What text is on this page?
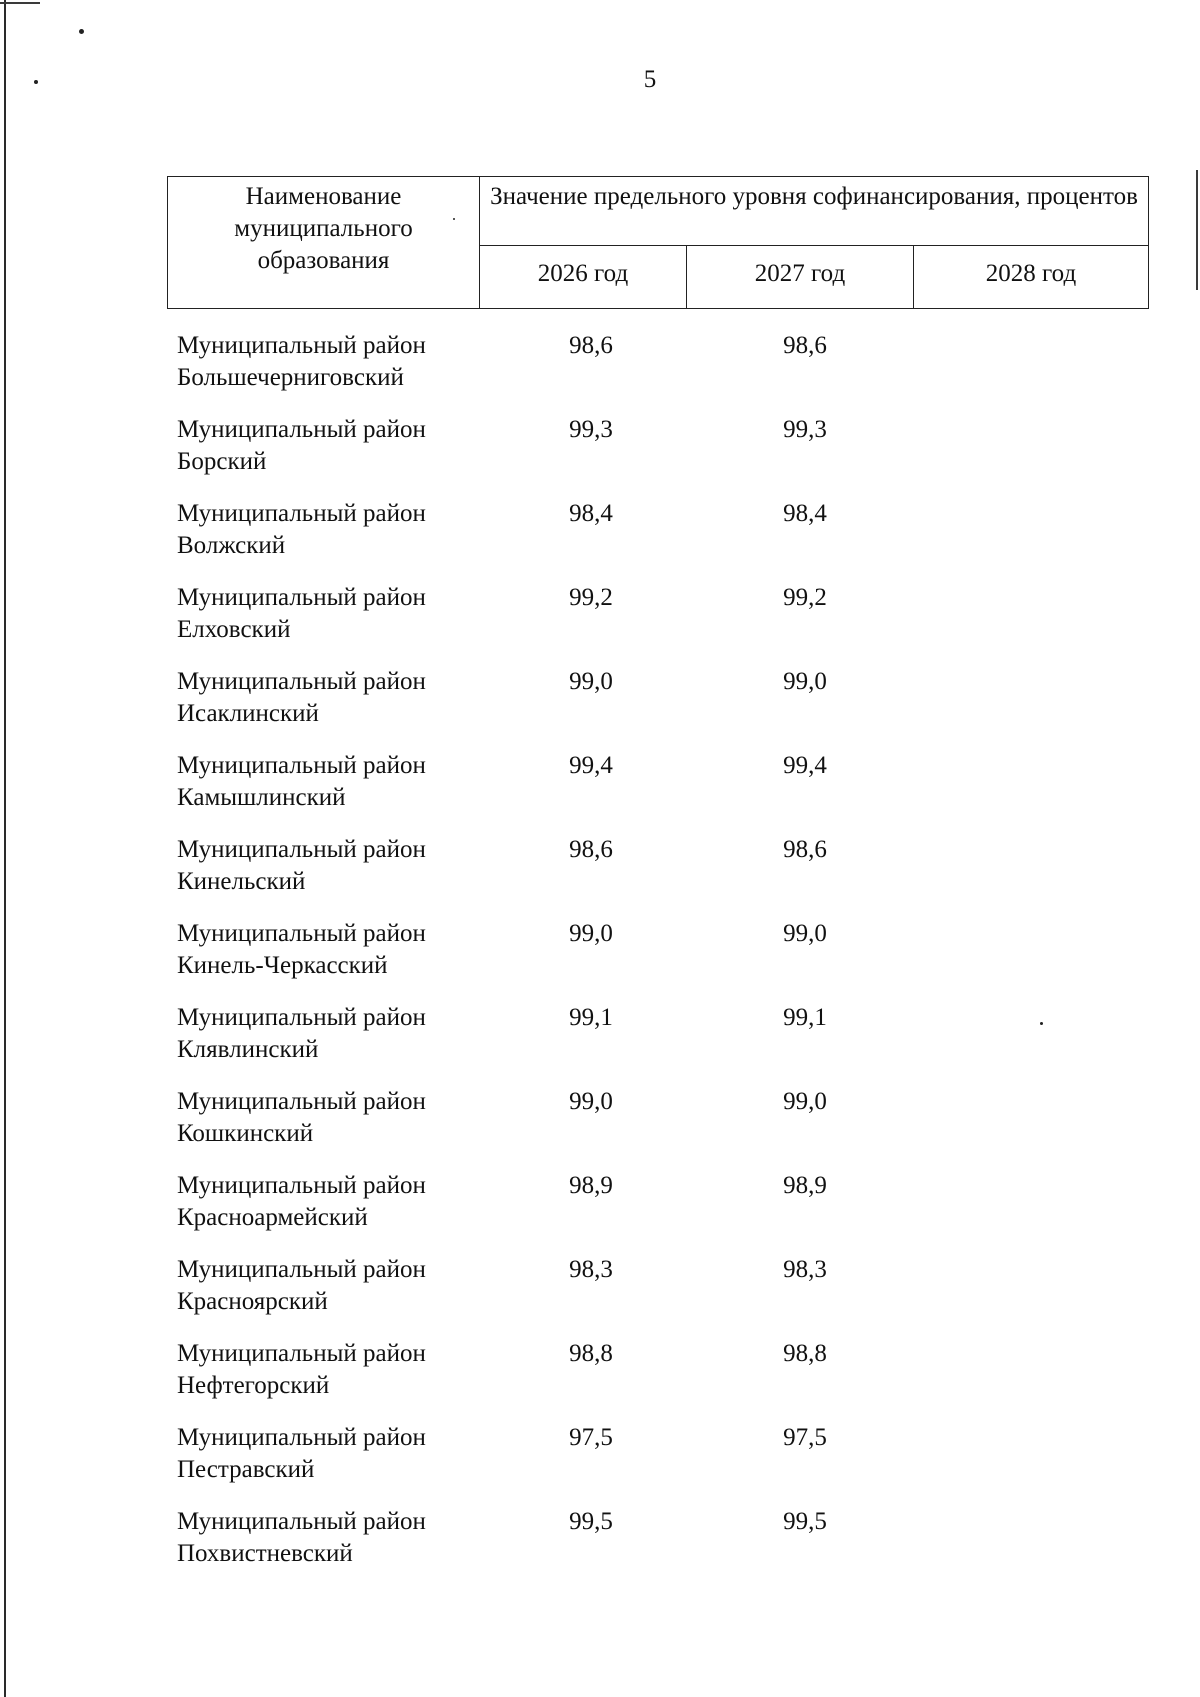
5
Наименование муниципального образования	Значение предельного уровня софинансирования, процентов		
	2026 год	2027 год	2028 год
Муниципальный район
Большечерниговский
98,6	98,6
Муниципальный район
Борский
99,3	99,3
Муниципальный район
Волжский
98,4	98,4
Муниципальный район
Елховский
99,2	99,2
Муниципальный район
Исаклинский
99,0	99,0
Муниципальный район
Камышлинский
99,4	99,4
Муниципальный район
Кинельский
98,6	98,6
Муниципальный район
Кинель-Черкасский
99,0	99,0
Муниципальный район
Клявлинский
99,1	99,1
Муниципальный район
Кошкинский
99,0	99,0
Муниципальный район
Красноармейский
98,9	98,9
Муниципальный район
Красноярский
98,3	98,3
Муниципальный район
Нефтегорский
98,8	98,8
Муниципальный район
Пестравский
97,5	97,5
Муниципальный район
Похвистневский
99,5	99,5
